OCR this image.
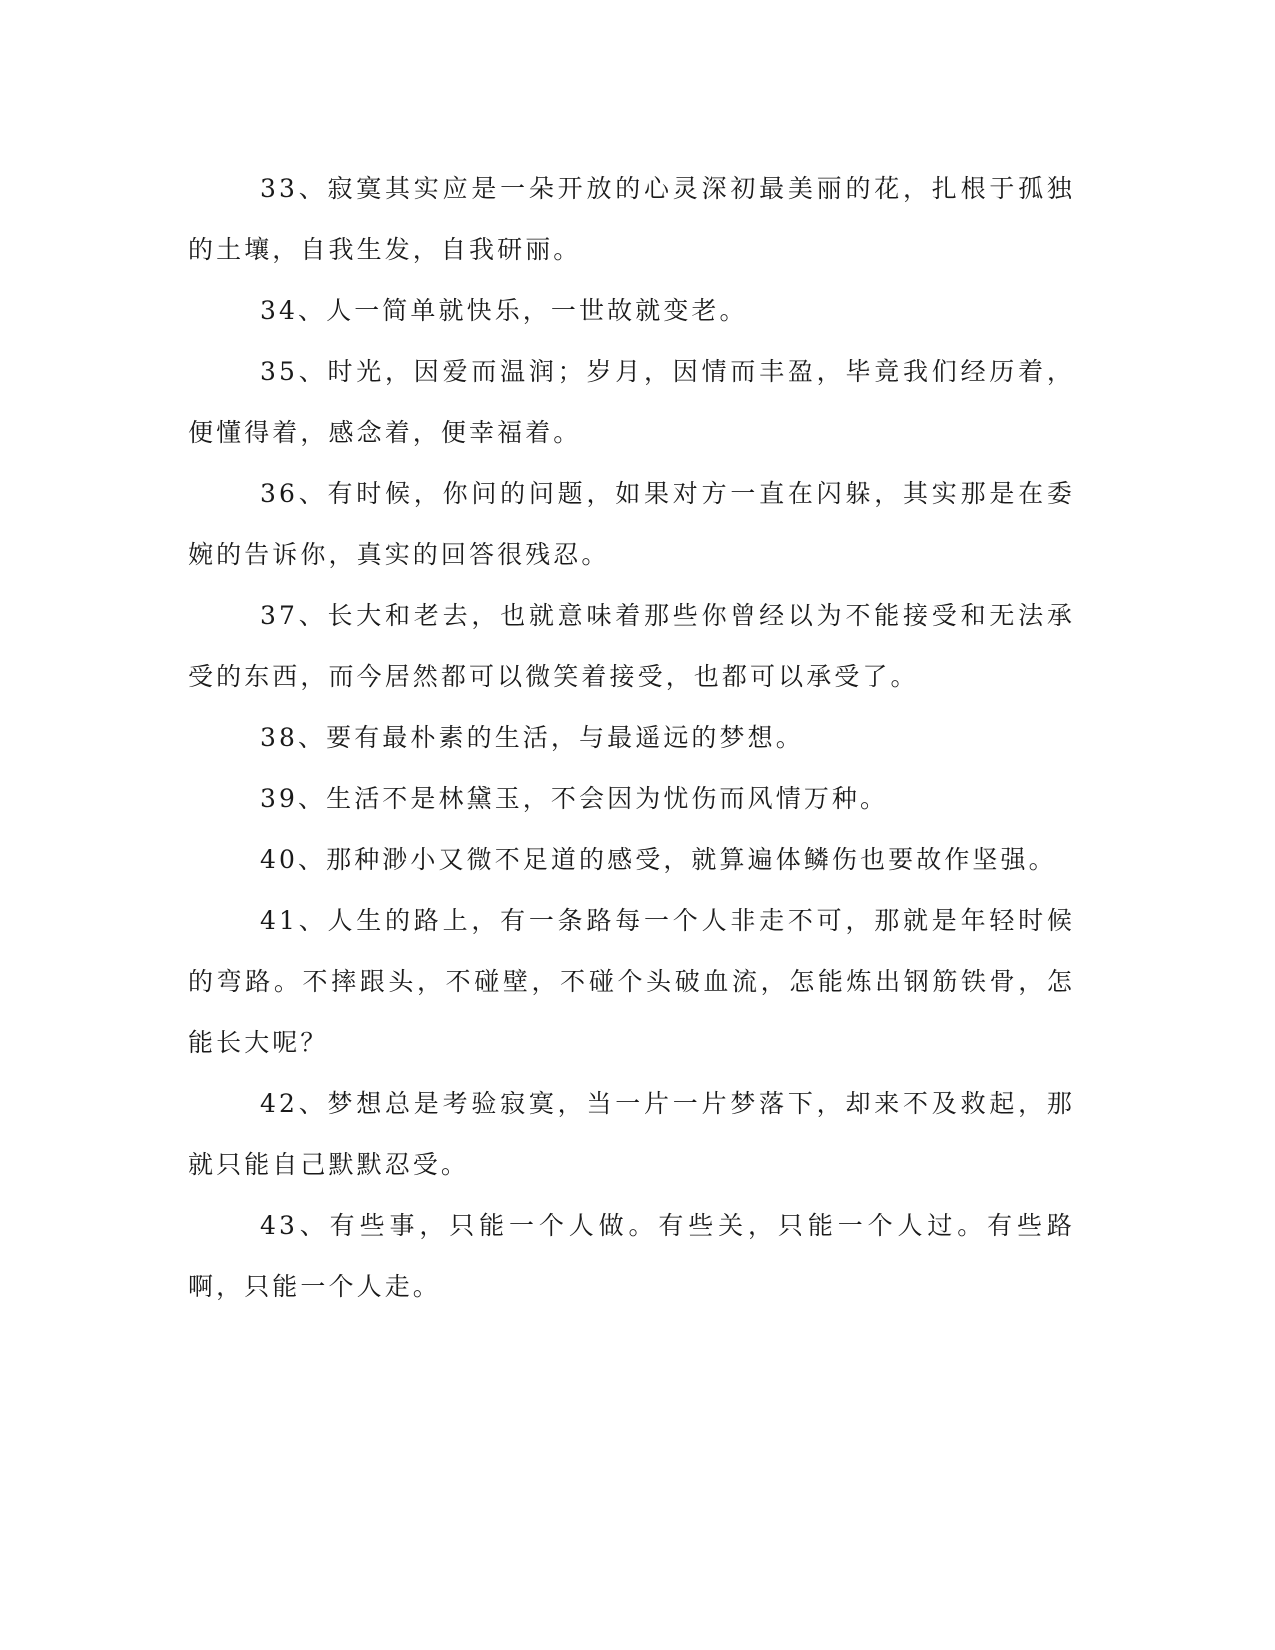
33、寂寞其实应是一朵开放的心灵深初最美丽的花，扎根于孤独的土壤，自我生发，自我研丽。

34、人一简单就快乐，一世故就变老。

35、时光，因爱而温润；岁月，因情而丰盈，毕竟我们经历着，便懂得着，感念着，便幸福着。

36、有时候，你问的问题，如果对方一直在闪躲，其实那是在委婉的告诉你，真实的回答很残忍。

37、长大和老去，也就意味着那些你曾经以为不能接受和无法承受的东西，而今居然都可以微笑着接受，也都可以承受了。

38、要有最朴素的生活，与最遥远的梦想。

39、生活不是林黛玉，不会因为忧伤而风情万种。

40、那种渺小又微不足道的感受，就算遍体鳞伤也要故作坚强。

41、人生的路上，有一条路每一个人非走不可，那就是年轻时候的弯路。不摔跟头，不碰壁，不碰个头破血流，怎能炼出钢筋铁骨，怎能长大呢？

42、梦想总是考验寂寞，当一片一片梦落下，却来不及救起，那就只能自己默默忍受。

43、有些事，只能一个人做。有些关，只能一个人过。有些路啊，只能一个人走。
